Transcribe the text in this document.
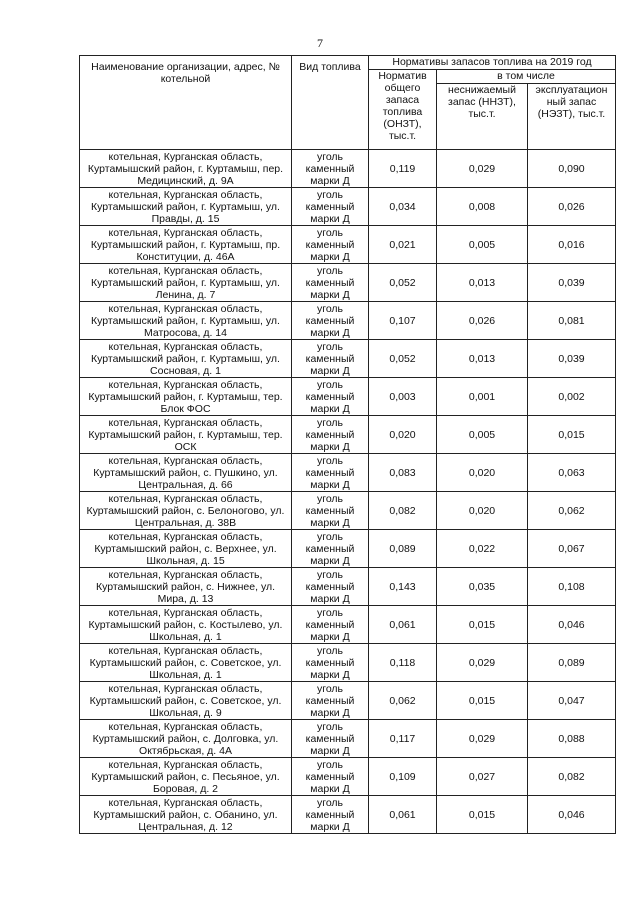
7
Наименование организации, адрес, № котельной	Вид топлива	Нормативы запасов топлива на 2019 год		
		Норматив общего запаса топлива (ОНЗТ), тыс.т.	в том числе	
			неснижаемый запас (ННЗТ), тыс.т.	эксплуатацион ный запас (НЭЗТ), тыс.т.
котельная, Курганская область, Куртамышский район, г. Куртамыш, пер. Медицинский, д. 9А	уголь каменный марки Д	0,119	0,029	0,090
котельная, Курганская область, Куртамышский район, г. Куртамыш, ул. Правды, д. 15	уголь каменный марки Д	0,034	0,008	0,026
котельная, Курганская область, Куртамышский район, г. Куртамыш, пр. Конституции, д. 46А	уголь каменный марки Д	0,021	0,005	0,016
котельная, Курганская область, Куртамышский район, г. Куртамыш, ул. Ленина, д. 7	уголь каменный марки Д	0,052	0,013	0,039
котельная, Курганская область, Куртамышский район, г. Куртамыш, ул. Матросова, д. 14	уголь каменный марки Д	0,107	0,026	0,081
котельная, Курганская область, Куртамышский район, г. Куртамыш, ул. Сосновая, д. 1	уголь каменный марки Д	0,052	0,013	0,039
котельная, Курганская область, Куртамышский район, г. Куртамыш, тер. Блок ФОС	уголь каменный марки Д	0,003	0,001	0,002
котельная, Курганская область, Куртамышский район, г. Куртамыш, тер. ОСК	уголь каменный марки Д	0,020	0,005	0,015
котельная, Курганская область, Куртамышский район, с. Пушкино, ул. Центральная, д. 66	уголь каменный марки Д	0,083	0,020	0,063
котельная, Курганская область, Куртамышский район, с. Белоногово, ул. Центральная, д. 38В	уголь каменный марки Д	0,082	0,020	0,062
котельная, Курганская область, Куртамышский район, с. Верхнее, ул. Школьная, д. 15	уголь каменный марки Д	0,089	0,022	0,067
котельная, Курганская область, Куртамышский район, с. Нижнее, ул. Мира, д. 13	уголь каменный марки Д	0,143	0,035	0,108
котельная, Курганская область, Куртамышский район, с. Костылево, ул. Школьная, д. 1	уголь каменный марки Д	0,061	0,015	0,046
котельная, Курганская область, Куртамышский район, с. Советское, ул. Школьная, д. 1	уголь каменный марки Д	0,118	0,029	0,089
котельная, Курганская область, Куртамышский район, с. Советское, ул. Школьная, д. 9	уголь каменный марки Д	0,062	0,015	0,047
котельная, Курганская область, Куртамышский район, с. Долговка, ул. Октябрьская, д. 4А	уголь каменный марки Д	0,117	0,029	0,088
котельная, Курганская область, Куртамышский район, с. Песьяное, ул. Боровая, д. 2	уголь каменный марки Д	0,109	0,027	0,082
котельная, Курганская область, Куртамышский район, с. Обанино, ул. Центральная, д. 12	уголь каменный марки Д	0,061	0,015	0,046
